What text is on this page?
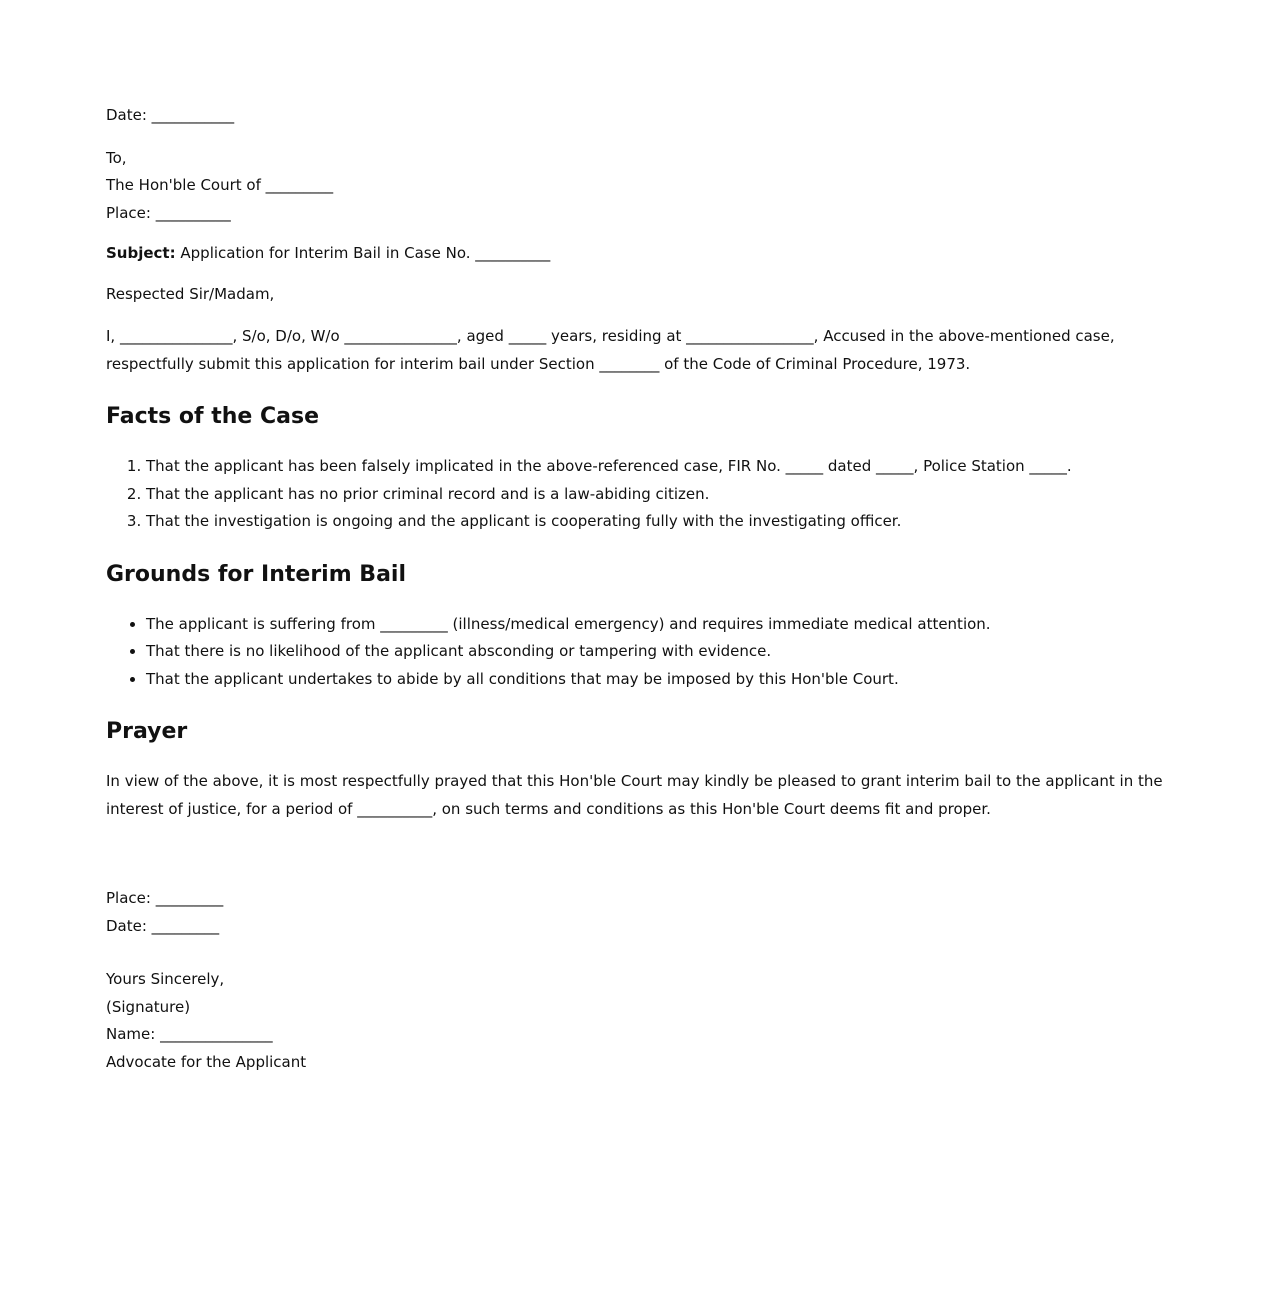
Date: ___________

To,
The Hon'ble Court of _________
Place: __________

Subject: Application for Interim Bail in Case No. __________

Respected Sir/Madam,

I, _______________, S/o, D/o, W/o _______________, aged _____ years, residing at _________________, Accused in the above-mentioned case, respectfully submit this application for interim bail under Section ________ of the Code of Criminal Procedure, 1973.

Facts of the Case
1. That the applicant has been falsely implicated in the above-referenced case, FIR No. _____ dated _____, Police Station _____.
2. That the applicant has no prior criminal record and is a law-abiding citizen.
3. That the investigation is ongoing and the applicant is cooperating fully with the investigating officer.
Grounds for Interim Bail
• The applicant is suffering from _________ (illness/medical emergency) and requires immediate medical attention.
• That there is no likelihood of the applicant absconding or tampering with evidence.
• That the applicant undertakes to abide by all conditions that may be imposed by this Hon'ble Court.
Prayer

In view of the above, it is most respectfully prayed that this Hon'ble Court may kindly be pleased to grant interim bail to the applicant in the interest of justice, for a period of __________, on such terms and conditions as this Hon'ble Court deems fit and proper.

Place: _________
Date: _________
Yours Sincerely,
(Signature)
Name: _______________
Advocate for the Applicant
